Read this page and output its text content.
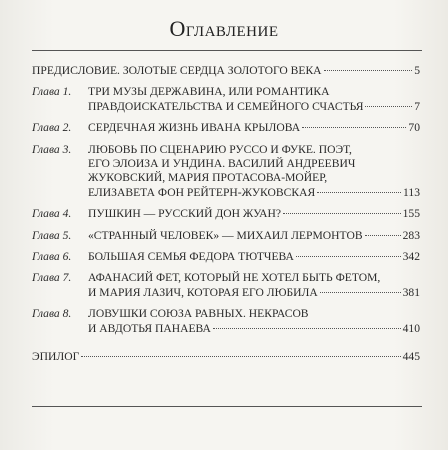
Оглавление
ПРЕДИСЛОВИЕ. ЗОЛОТЫЕ СЕРДЦА ЗОЛОТОГО ВЕКА	5
Глава 1. ТРИ МУЗЫ ДЕРЖАВИНА, ИЛИ РОМАНТИКА
ПРАВДОИСКАТЕЛЬСТВА И СЕМЕЙНОГО СЧАСТЬЯ	7
Глава 2. СЕРДЕЧНАЯ ЖИЗНЬ ИВАНА КРЫЛОВА	70
Глава 3. ЛЮБОВЬ ПО СЦЕНАРИЮ РУССО И ФУКЕ. ПОЭТ,
ЕГО ЭЛОИЗА И УНДИНА. ВАСИЛИЙ АНДРЕЕВИЧ
ЖУКОВСКИЙ, МАРИЯ ПРОТАСОВА-МОЙЕР,
ЕЛИЗАВЕТА ФОН РЕЙТЕРН-ЖУКОВСКАЯ	113
Глава 4. ПУШКИН — РУССКИЙ ДОН ЖУАН?	155
Глава 5. «СТРАННЫЙ ЧЕЛОВЕК» — МИХАИЛ ЛЕРМОНТОВ	283
Глава 6. БОЛЬШАЯ СЕМЬЯ ФЕДОРА ТЮТЧЕВА	342
Глава 7. АФАНАСИЙ ФЕТ, КОТОРЫЙ НЕ ХОТЕЛ БЫТЬ ФЕТОМ,
И МАРИЯ ЛАЗИЧ, КОТОРАЯ ЕГО ЛЮБИЛА	381
Глава 8. ЛОВУШКИ СОЮЗА РАВНЫХ. НЕКРАСОВ
И АВДОТЬЯ ПАНАЕВА	410
ЭПИЛОГ	445
